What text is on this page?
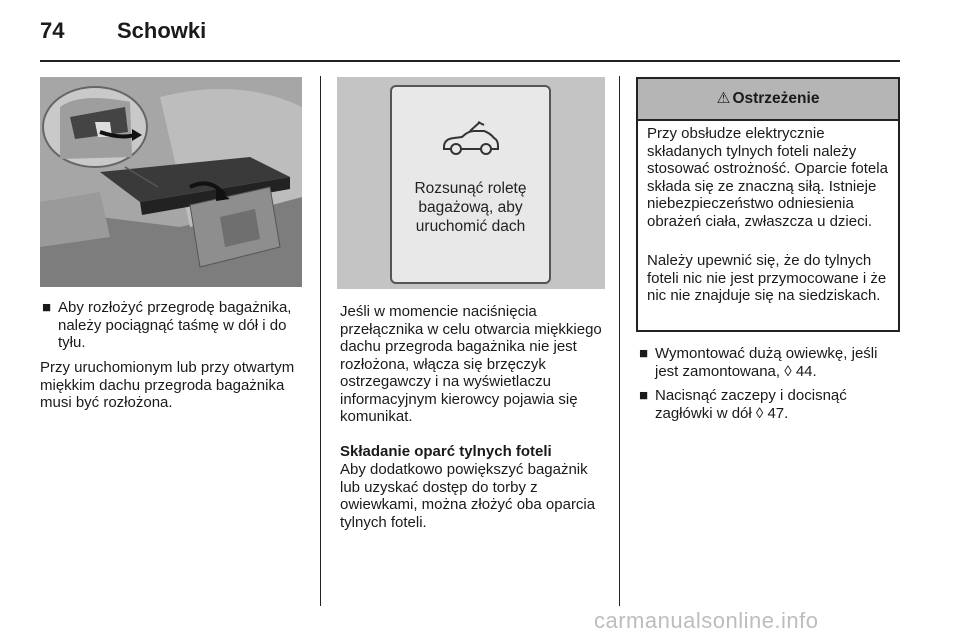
74 Schowki
■ Aby rozłożyć przegrodę bagażnika, należy pociągnąć taśmę w dół i do tyłu.
Przy uruchomionym lub przy otwartym miękkim dachu przegroda bagażnika musi być rozłożona.
Rozsunąć roletę
bagażową, aby
uruchomić dach
Jeśli w momencie naciśnięcia przełącznika w celu otwarcia miękkiego dachu przegroda bagażnika nie jest rozłożona, włącza się brzęczyk ostrzegawczy i na wyświetlaczu informacyjnym kierowcy pojawia się komunikat.
Składanie oparć tylnych foteli
Aby dodatkowo powiększyć bagażnik lub uzyskać dostęp do torby z owiewkami, można złożyć oba oparcia tylnych foteli.
⚠ Ostrzeżenie
Przy obsłudze elektrycznie składanych tylnych foteli należy stosować ostrożność. Oparcie fotela składa się ze znaczną siłą. Istnieje niebezpieczeństwo odniesienia obrażeń ciała, zwłaszcza u dzieci.
Należy upewnić się, że do tylnych foteli nic nie jest przymocowane i że nic nie znajduje się na siedziskach.
■ Wymontować dużą owiewkę, jeśli jest zamontowana, ◊ 44.
■ Nacisnąć zaczepy i docisnąć zagłówki w dół ◊ 47.
carmanualsonline.info
